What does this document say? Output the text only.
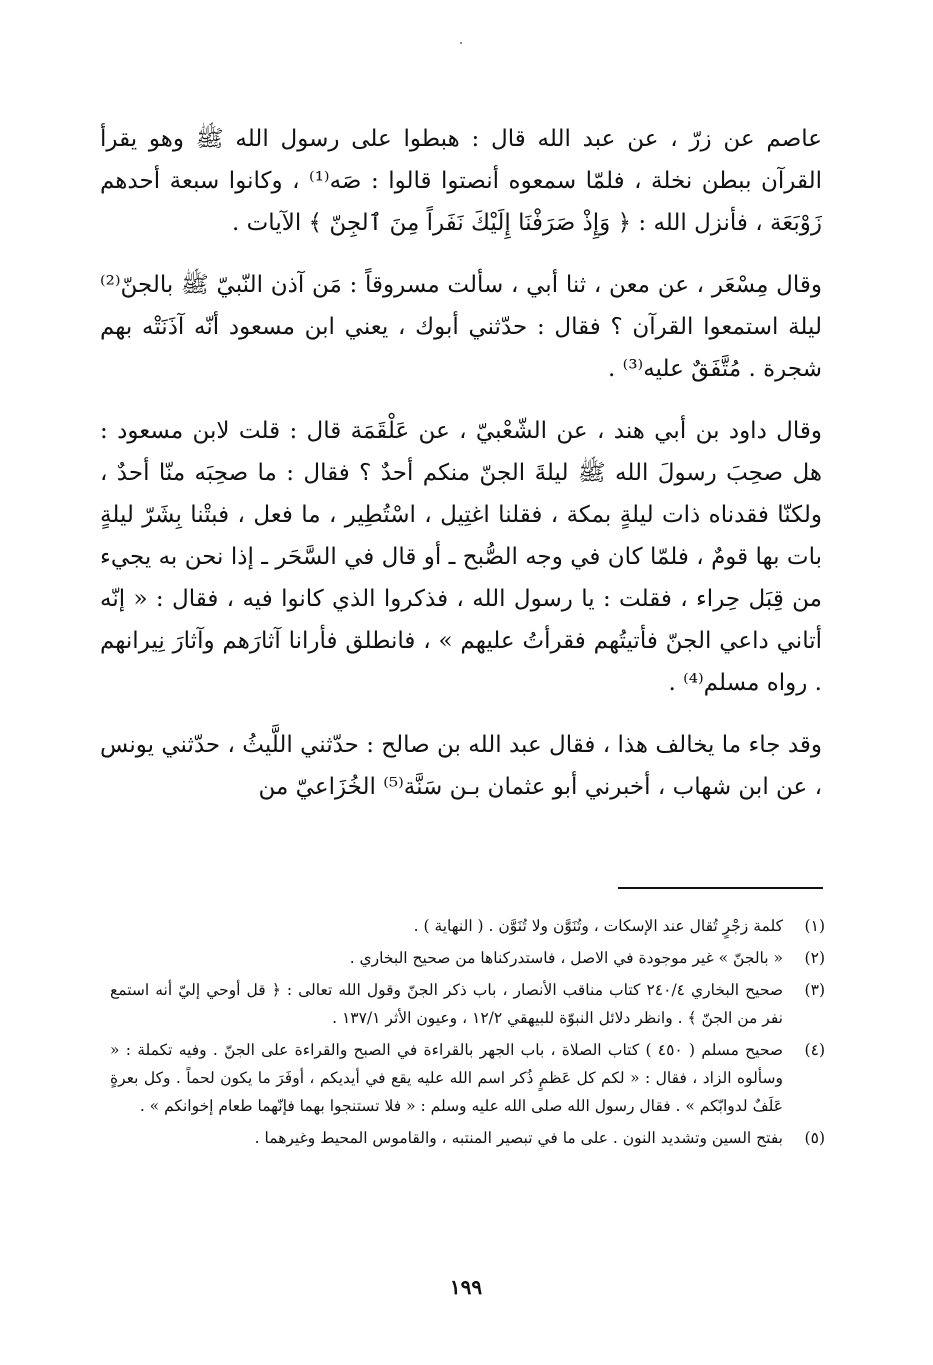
عاصم عن زرّ ، عن عبد الله قال : هبطوا على رسول الله ﷺ وهو يقرأ القرآن ببطن نخلة ، فلمّا سمعوه أنصتوا قالوا : صَه⁽¹⁾ ، وكانوا سبعة أحدهم زَوْبَعَة ، فأنزل الله : ﴿ وَإِذْ صَرَفْنَا إِلَيْكَ نَفَراً مِنَ ٱلجِنّ ﴾ الآيات .

وقال مِسْعَر ، عن معن ، ثنا أبي ، سألت مسروقاً : مَن آذن النّبيّ ﷺ بالجنّ⁽²⁾ ليلة استمعوا القرآن ؟ فقال : حدّثني أبوك ، يعني ابن مسعود أنّه آذَنَتْه بهم شجرة . مُتَّفَقٌ عليه⁽³⁾ .

وقال داود بن أبي هند ، عن الشّعْبيّ ، عن عَلْقَمَة قال : قلت لابن مسعود : هل صحِبَ رسولَ الله ﷺ ليلةَ الجنّ منكم أحدٌ ؟ فقال : ما صحِبَه منّا أحدٌ ، ولكنّا فقدناه ذات ليلةٍ بمكة ، فقلنا اغتِيل ، اسْتُطِير ، ما فعل ، فبتْنا بِشَرّ ليلةٍ بات بها قومٌ ، فلمّا كان في وجه الصُّبح ـ أو قال في السَّحَر ـ إذا نحن به يجيء من قِبَل حِراء ، فقلت : يا رسول الله ، فذكروا الذي كانوا فيه ، فقال : « إنّه أتاني داعي الجنّ فأتيتُهم فقرأتُ عليهم » ، فانطلق فأرانا آثارَهم وآثارَ نِيرانهم . رواه مسلم⁽⁴⁾ .

وقد جاء ما يخالف هذا ، فقال عبد الله بن صالح : حدّثني اللَّيثُ ، حدّثني يونس ، عن ابن شهاب ، أخبرني أبو عثمان بـن سَنَّة⁽⁵⁾ الخُزَاعيّ من

(١)
كلمة زجْرٍ تُقال عند الإسكات ، وتُنَوَّن ولا تُنَوَّن . ( النهاية ) .
(٢)
« بالجنّ » غير موجودة في الاصل ، فاستدركناها من صحيح البخاري .
(٣)
صحيح البخاري ٢٤٠/٤ كتاب مناقب الأنصار ، باب ذكر الجنّ وقول الله تعالى : ﴿ قل أوحي إليّ أنه استمع نفر من الجنّ ﴾ . وانظر دلائل النبوّة للبيهقي ١٢/٢ ، وعيون الأثر ١٣٧/١ .
(٤)
صحيح مسلم ( ٤٥٠ ) كتاب الصلاة ، باب الجهر بالقراءة في الصبح والقراءة على الجنّ . وفيه تكملة : « وسألوه الزاد ، فقال : « لكم كل عَظمٍ ذُكر اسم الله عليه يقع في أيديكم ، أوفَرَ ما يكون لحماً . وكل بعرةٍ عَلَفٌ لدوابّكم » . فقال رسول الله صلى الله عليه وسلم : « فلا تستنجوا بهما فإنّهما طعام إخوانكم » .
(٥)
بفتح السين وتشديد النون . على ما في تبصير المنتبه ، والقاموس المحيط وغيرهما .
١٩٩
